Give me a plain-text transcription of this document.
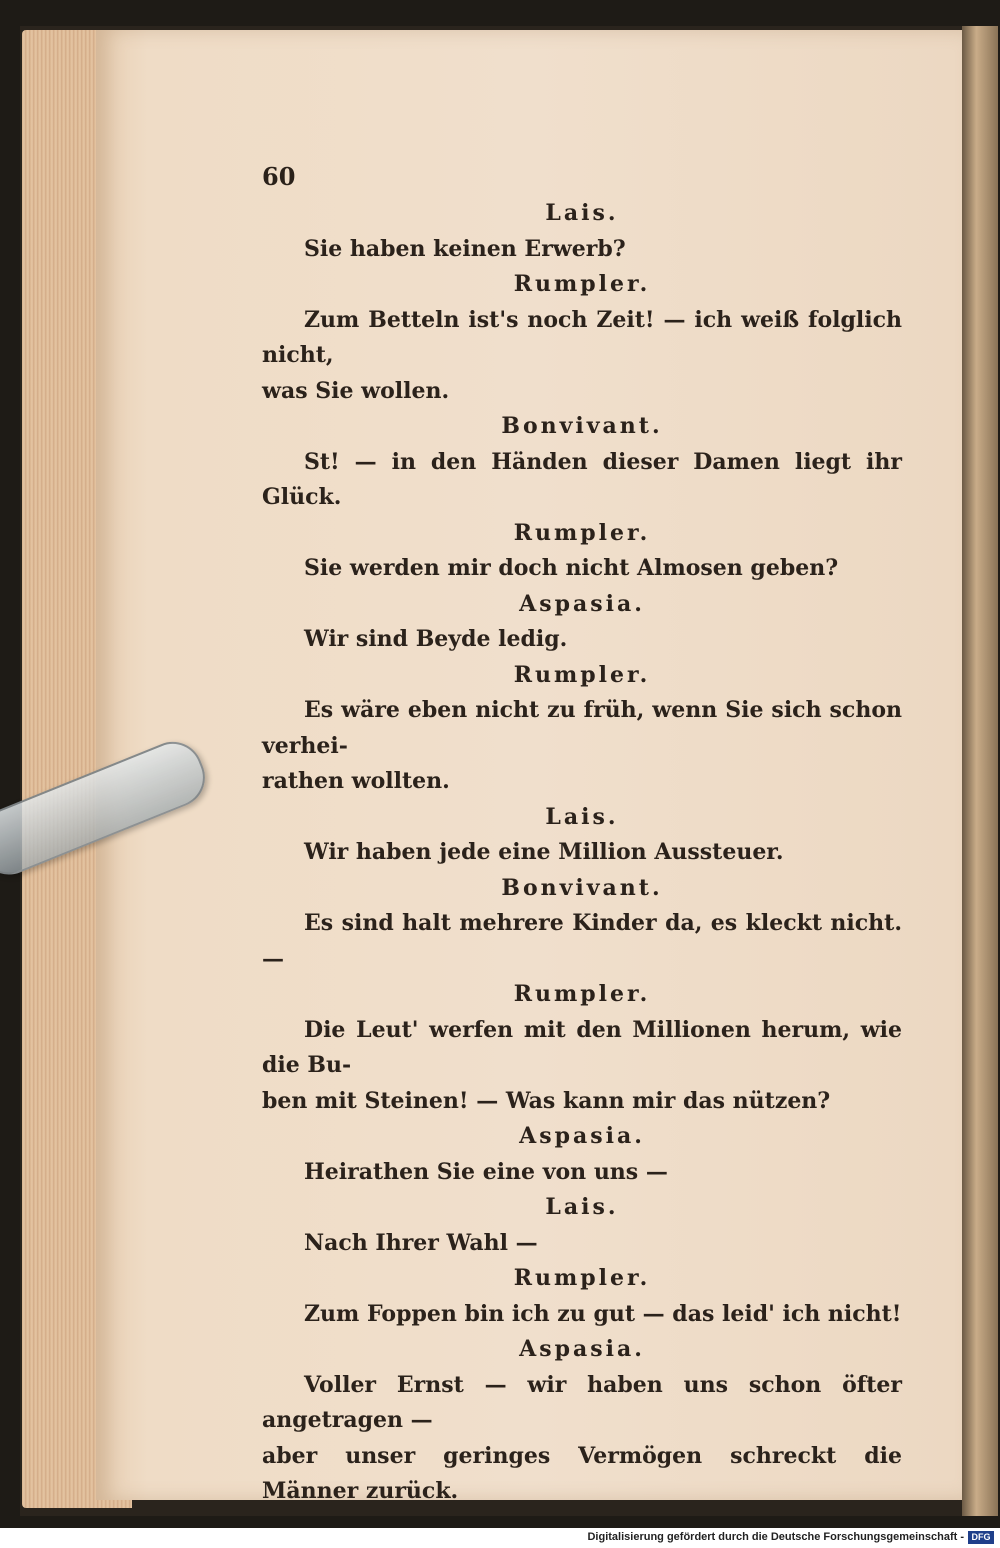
60
Lais.
Sie haben keinen Erwerb?
Rumpler.
Zum Betteln ist's noch Zeit! — ich weiß folglich nicht,
was Sie wollen.
Bonvivant.
St! — in den Händen dieser Damen liegt ihr Glück.
Rumpler.
Sie werden mir doch nicht Almosen geben?
Aspasia.
Wir sind Beyde ledig.
Rumpler.
Es wäre eben nicht zu früh, wenn Sie sich schon verhei-
rathen wollten.
Lais.
Wir haben jede eine Million Aussteuer.
Bonvivant.
Es sind halt mehrere Kinder da, es kleckt nicht. —
Rumpler.
Die Leut' werfen mit den Millionen herum, wie die Bu-
ben mit Steinen! — Was kann mir das nützen?
Aspasia.
Heirathen Sie eine von uns —
Lais.
Nach Ihrer Wahl —
Rumpler.
Zum Foppen bin ich zu gut — das leid' ich nicht!
Aspasia.
Voller Ernst — wir haben uns schon öfter angetragen —
aber unser geringes Vermögen schreckt die Männer zurück.
Digitalisierung gefördert durch die Deutsche Forschungsgemeinschaft - DFG
